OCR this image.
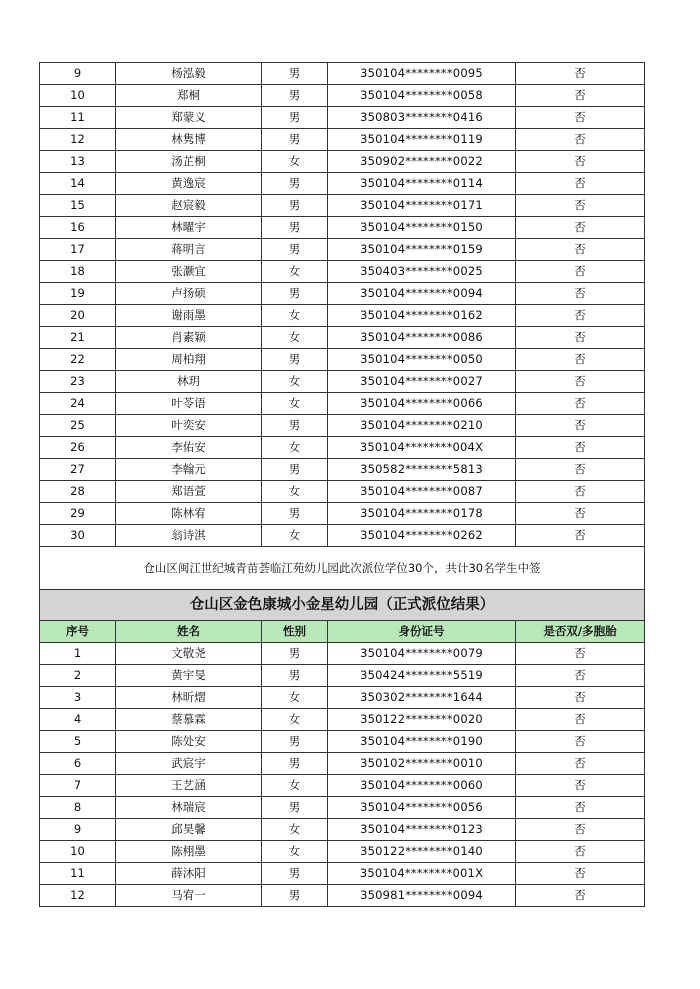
9	杨泓毅	男	350104********0095	否
10	郑桐	男	350104********0058	否
11	郑蒙义	男	350803********0416	否
12	林隽博	男	350104********0119	否
13	汤芷桐	女	350902********0022	否
14	黄逸宸	男	350104********0114	否
15	赵宸毅	男	350104********0171	否
16	林曜宇	男	350104********0150	否
17	蒋明言	男	350104********0159	否
18	张灏宜	女	350403********0025	否
19	卢扬硕	男	350104********0094	否
20	谢雨墨	女	350104********0162	否
21	肖素颖	女	350104********0086	否
22	周柏翔	男	350104********0050	否
23	林玥	女	350104********0027	否
24	叶苓语	女	350104********0066	否
25	叶奕安	男	350104********0210	否
26	李佑安	女	350104********004X	否
27	李翰元	男	350582********5813	否
28	郑语萱	女	350104********0087	否
29	陈林宥	男	350104********0178	否
30	翁诗淇	女	350104********0262	否
仓山区闽江世纪城青苗荟临江苑幼儿园此次派位学位30个，共计30名学生中签				
仓山区金色康城小金星幼儿园（正式派位结果）				
序号	姓名	性别	身份证号	是否双/多胞胎
1	文敬尧	男	350104********0079	否
2	黄宇旻	男	350424********5519	否
3	林昕熠	女	350302********1644	否
4	蔡慕霖	女	350122********0020	否
5	陈处安	男	350104********0190	否
6	武宸宇	男	350102********0010	否
7	王艺涵	女	350104********0060	否
8	林瑞宸	男	350104********0056	否
9	邱昊馨	女	350104********0123	否
10	陈栩墨	女	350122********0140	否
11	薛沐阳	男	350104********001X	否
12	马宥一	男	350981********0094	否
